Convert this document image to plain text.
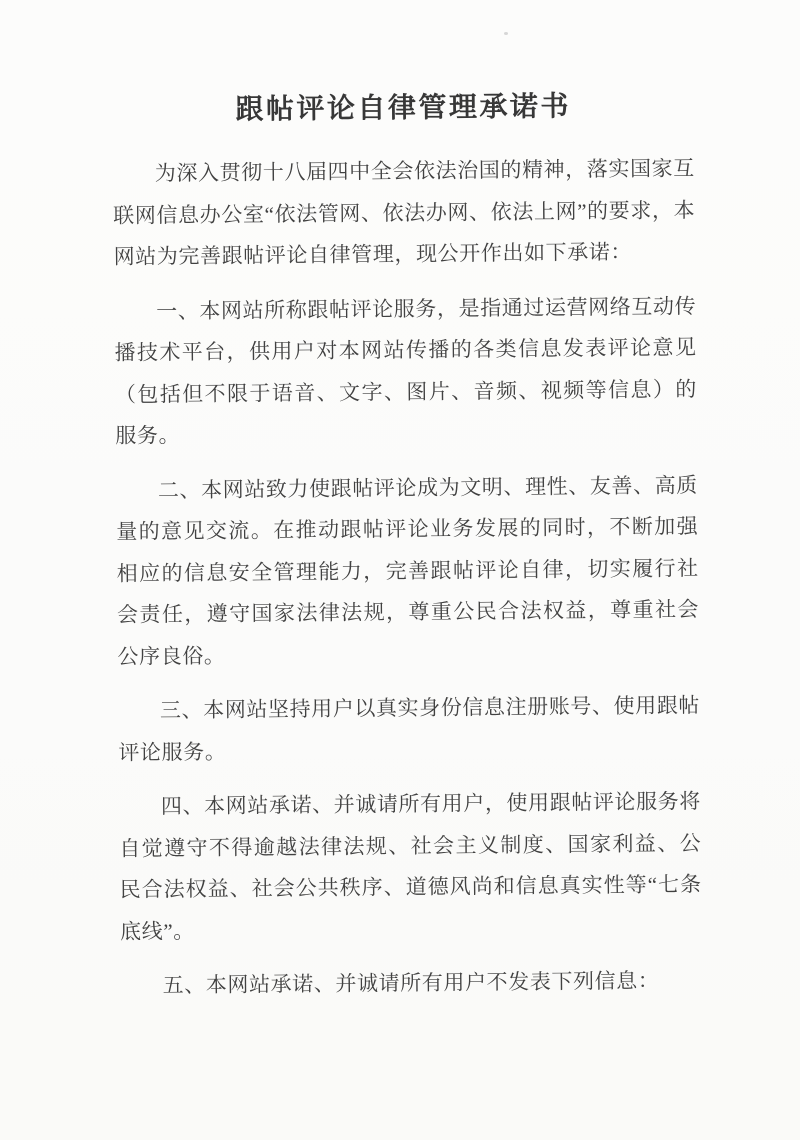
跟帖评论自律管理承诺书

为深入贯彻十八届四中全会依法治国的精神，落实国家互联网信息办公室“依法管网、依法办网、依法上网”的要求，本网站为完善跟帖评论自律管理，现公开作出如下承诺：

一、本网站所称跟帖评论服务，是指通过运营网络互动传播技术平台，供用户对本网站传播的各类信息发表评论意见（包括但不限于语音、文字、图片、音频、视频等信息）的服务。

二、本网站致力使跟帖评论成为文明、理性、友善、高质量的意见交流。在推动跟帖评论业务发展的同时，不断加强相应的信息安全管理能力，完善跟帖评论自律，切实履行社会责任，遵守国家法律法规，尊重公民合法权益，尊重社会公序良俗。

三、本网站坚持用户以真实身份信息注册账号、使用跟帖评论服务。

四、本网站承诺、并诚请所有用户，使用跟帖评论服务将自觉遵守不得逾越法律法规、社会主义制度、国家利益、公民合法权益、社会公共秩序、道德风尚和信息真实性等“七条底线”。

五、本网站承诺、并诚请所有用户不发表下列信息：
